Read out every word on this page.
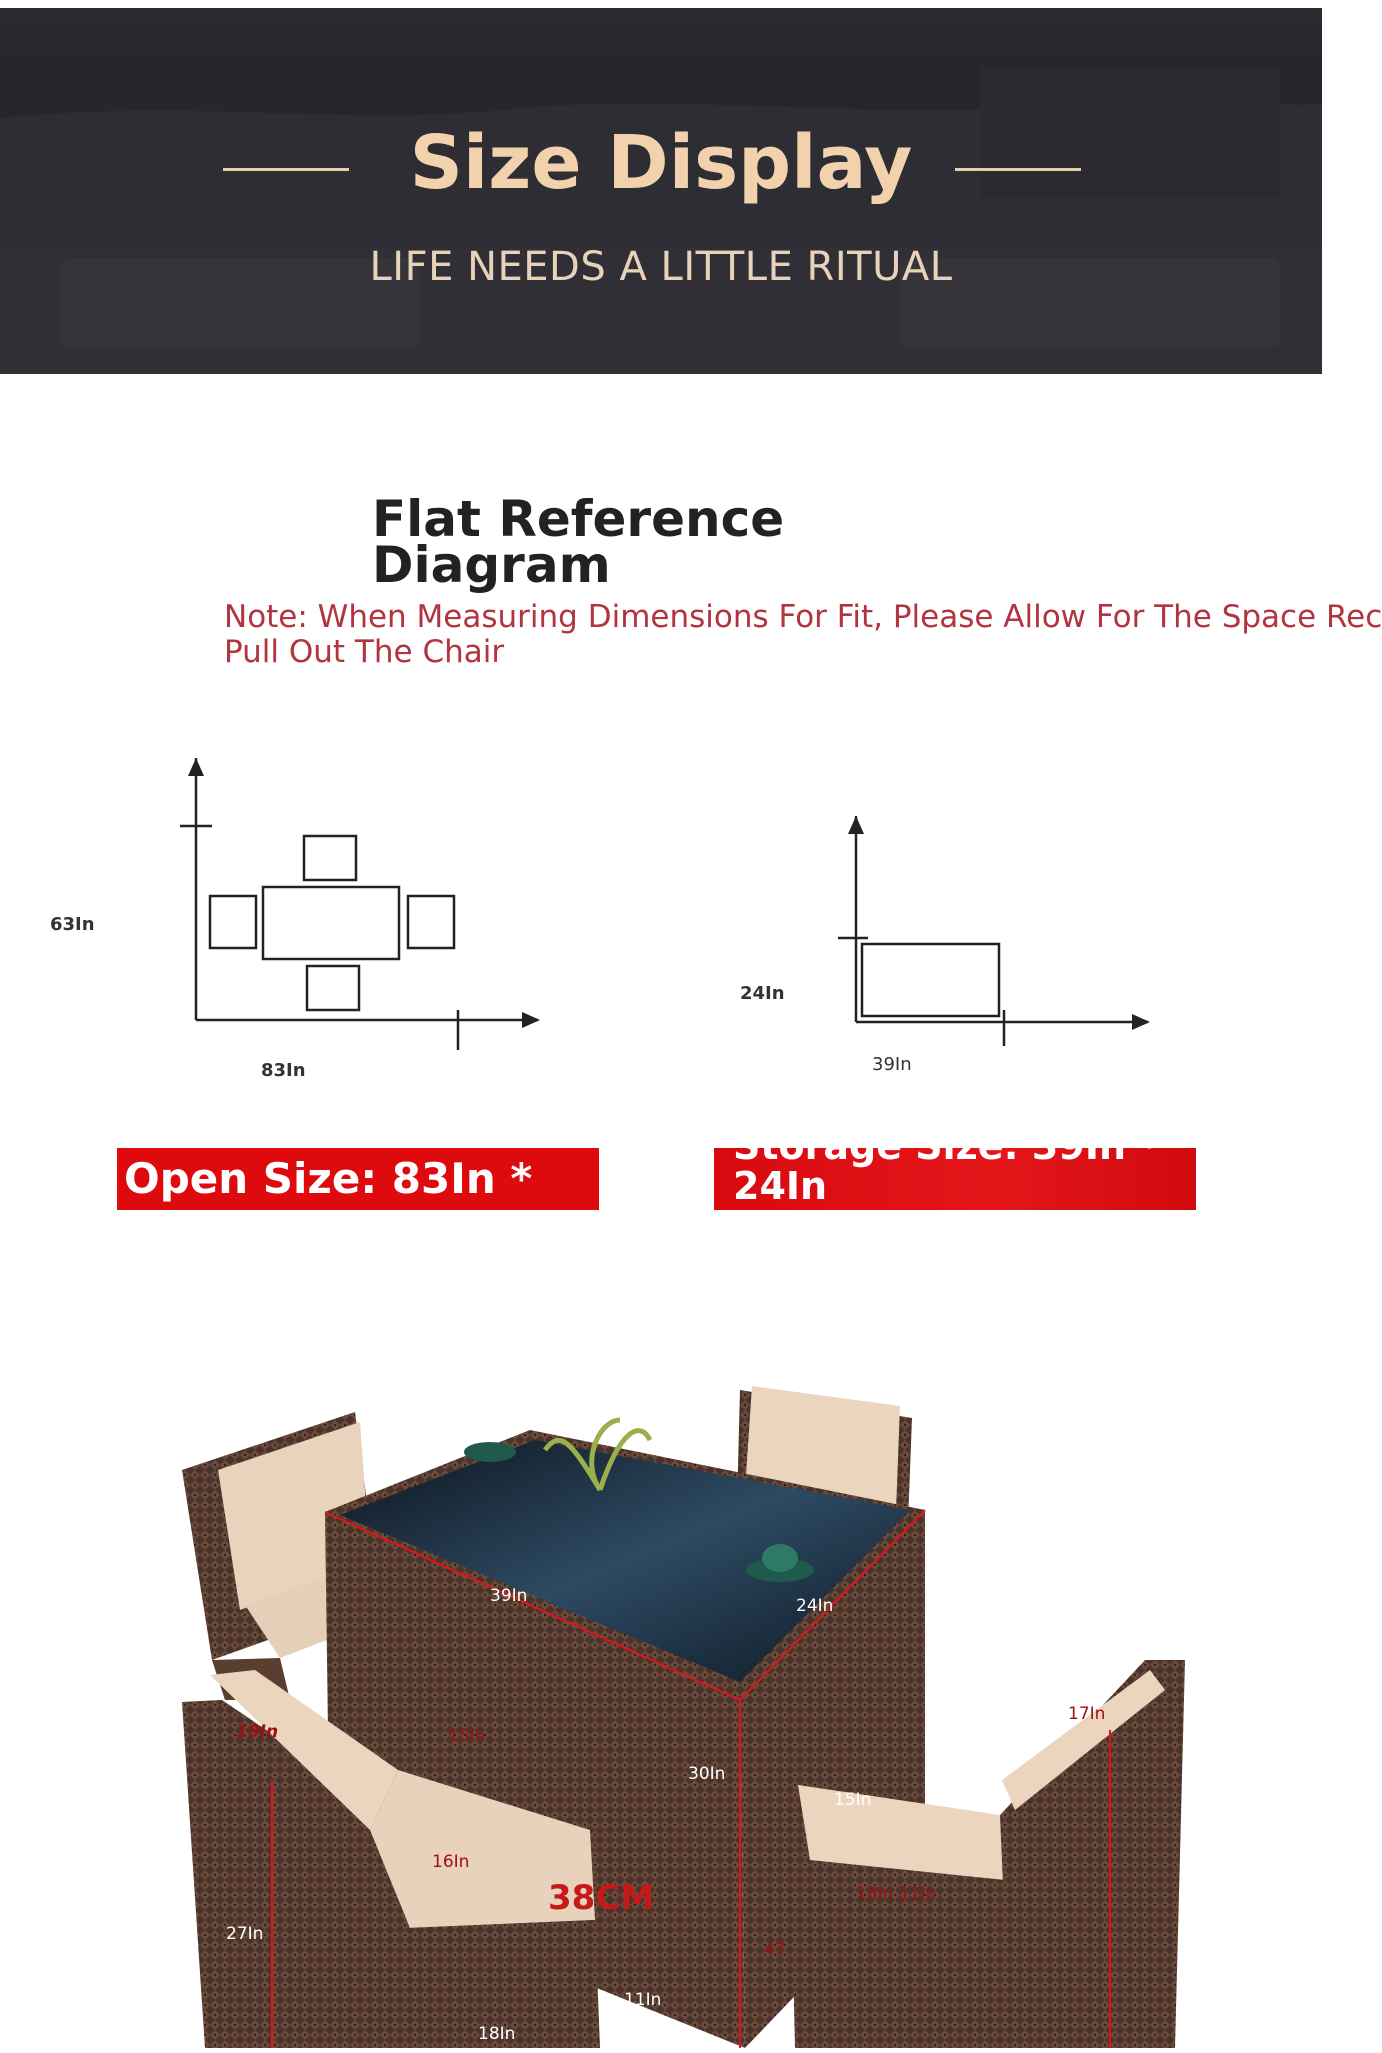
Size Display
LIFE NEEDS A LITTLE RITUAL
Flat Reference Diagram
Note: When Measuring Dimensions For Fit, Please Allow For The Space Rec
Pull Out The Chair
63In
83In
24In
39In
Open Size: 83In * 63In
Storage Size: 39In *
24In
39In	24In
30In
19In	15In
16In
27In
18In
11In
38CM
17In
15In
18In 11In
47
